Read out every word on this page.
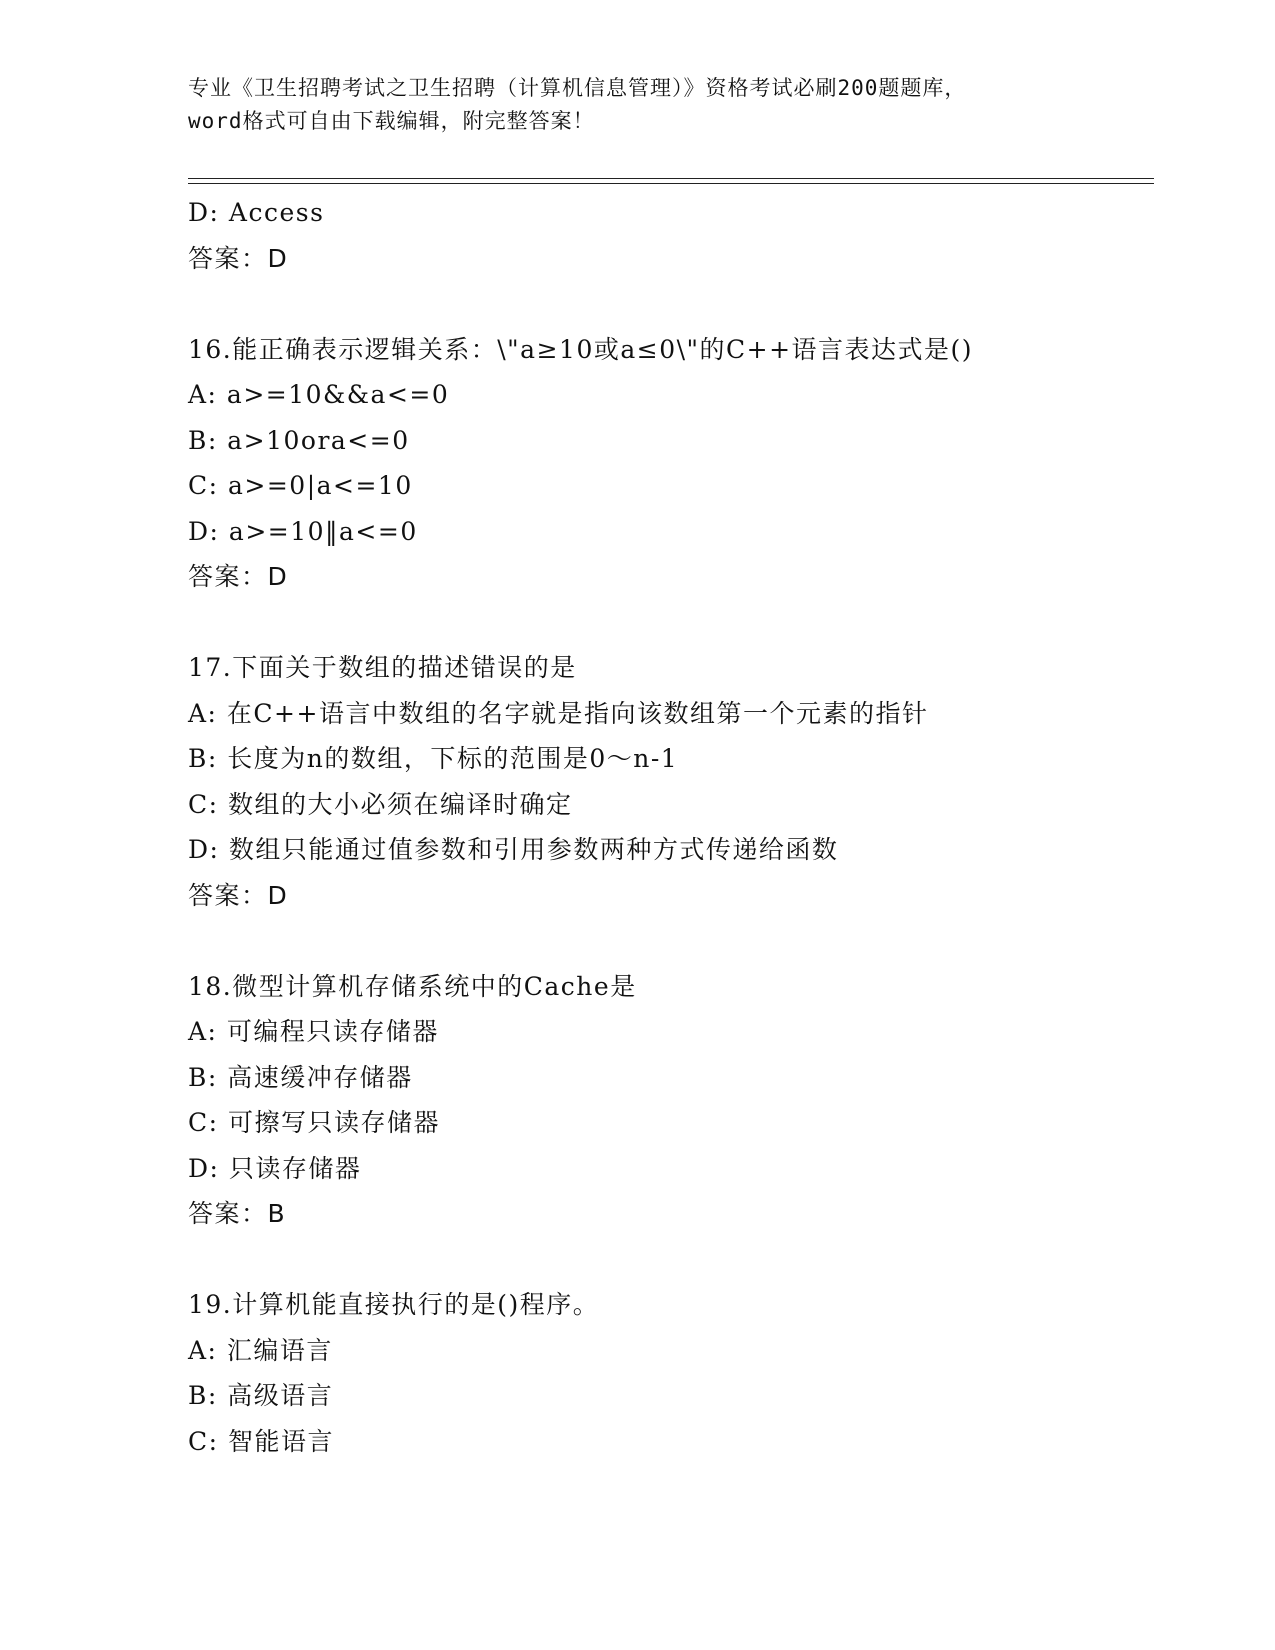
专业《卫生招聘考试之卫生招聘（计算机信息管理）》资格考试必刷200题题库，
word格式可自由下载编辑，附完整答案！
D: Access
答案：D
16.能正确表示逻辑关系：\"a≥10或a≤0\"的C++语言表达式是()
A: a>=10&&a<=0
B: a>10ora<=0
C: a>=0|a<=10
D: a>=10‖a<=0
答案：D
17.下面关于数组的描述错误的是
A: 在C++语言中数组的名字就是指向该数组第一个元素的指针
B: 长度为n的数组，下标的范围是0～n-1
C: 数组的大小必须在编译时确定
D: 数组只能通过值参数和引用参数两种方式传递给函数
答案：D
18.微型计算机存储系统中的Cache是
A: 可编程只读存储器
B: 高速缓冲存储器
C: 可擦写只读存储器
D: 只读存储器
答案：B
19.计算机能直接执行的是()程序。
A: 汇编语言
B: 高级语言
C: 智能语言
